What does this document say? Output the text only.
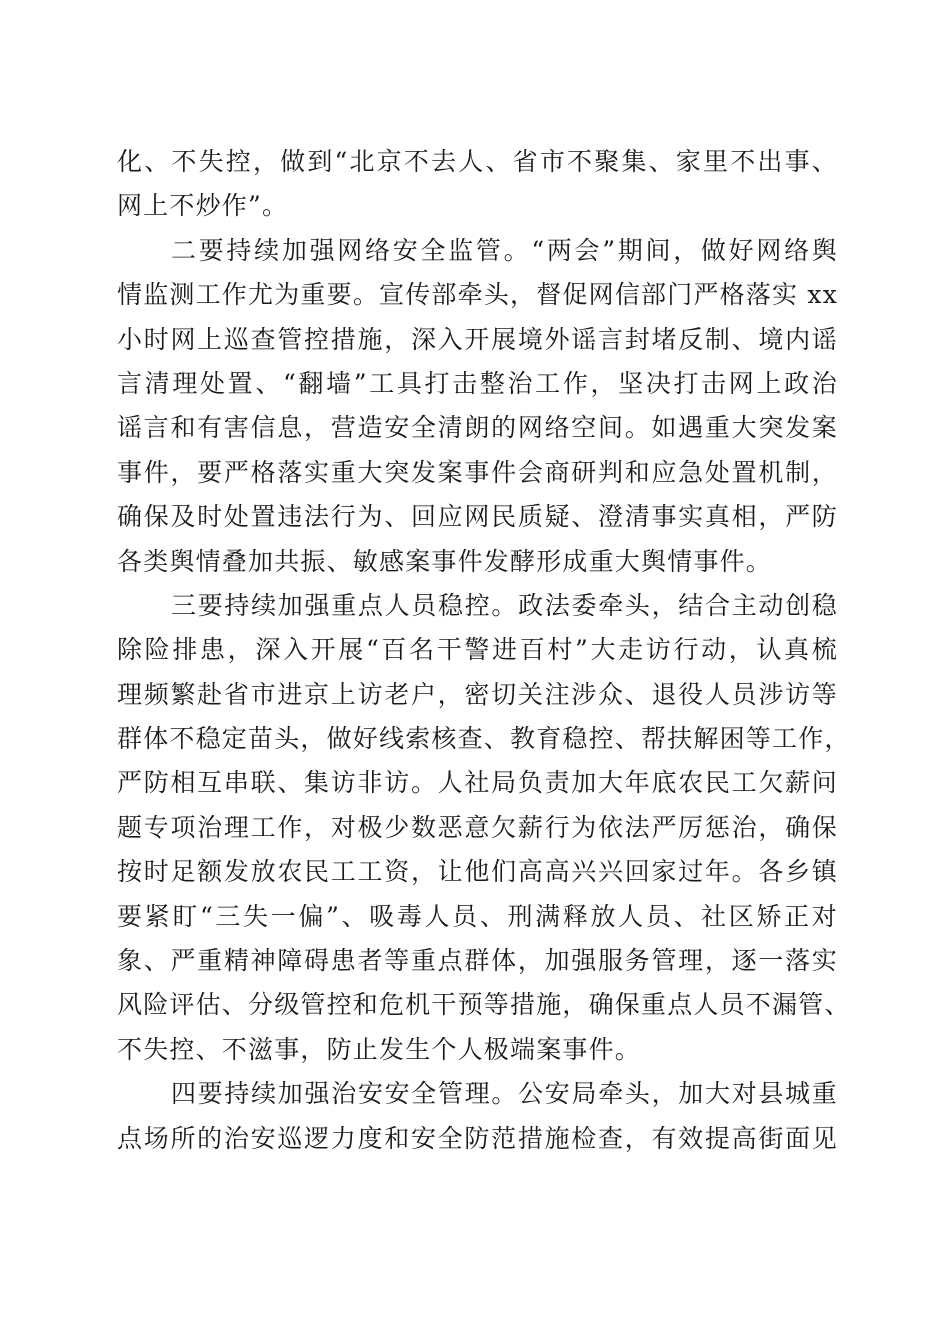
化、不失控，做到“北京不去人、省市不聚集、家里不出事、
网上不炒作”。
二要持续加强网络安全监管。“两会”期间，做好网络舆
情监测工作尤为重要。宣传部牵头，督促网信部门严格落实 xx
小时网上巡查管控措施，深入开展境外谣言封堵反制、境内谣
言清理处置、“翻墙”工具打击整治工作，坚决打击网上政治
谣言和有害信息，营造安全清朗的网络空间。如遇重大突发案
事件，要严格落实重大突发案事件会商研判和应急处置机制，
确保及时处置违法行为、回应网民质疑、澄清事实真相，严防
各类舆情叠加共振、敏感案事件发酵形成重大舆情事件。
三要持续加强重点人员稳控。政法委牵头，结合主动创稳
除险排患，深入开展“百名干警进百村”大走访行动，认真梳
理频繁赴省市进京上访老户，密切关注涉众、退役人员涉访等
群体不稳定苗头，做好线索核查、教育稳控、帮扶解困等工作，
严防相互串联、集访非访。人社局负责加大年底农民工欠薪问
题专项治理工作，对极少数恶意欠薪行为依法严厉惩治，确保
按时足额发放农民工工资，让他们高高兴兴回家过年。各乡镇
要紧盯“三失一偏”、吸毒人员、刑满释放人员、社区矫正对
象、严重精神障碍患者等重点群体，加强服务管理，逐一落实
风险评估、分级管控和危机干预等措施，确保重点人员不漏管、
不失控、不滋事，防止发生个人极端案事件。
四要持续加强治安安全管理。公安局牵头，加大对县城重
点场所的治安巡逻力度和安全防范措施检查，有效提高街面见
